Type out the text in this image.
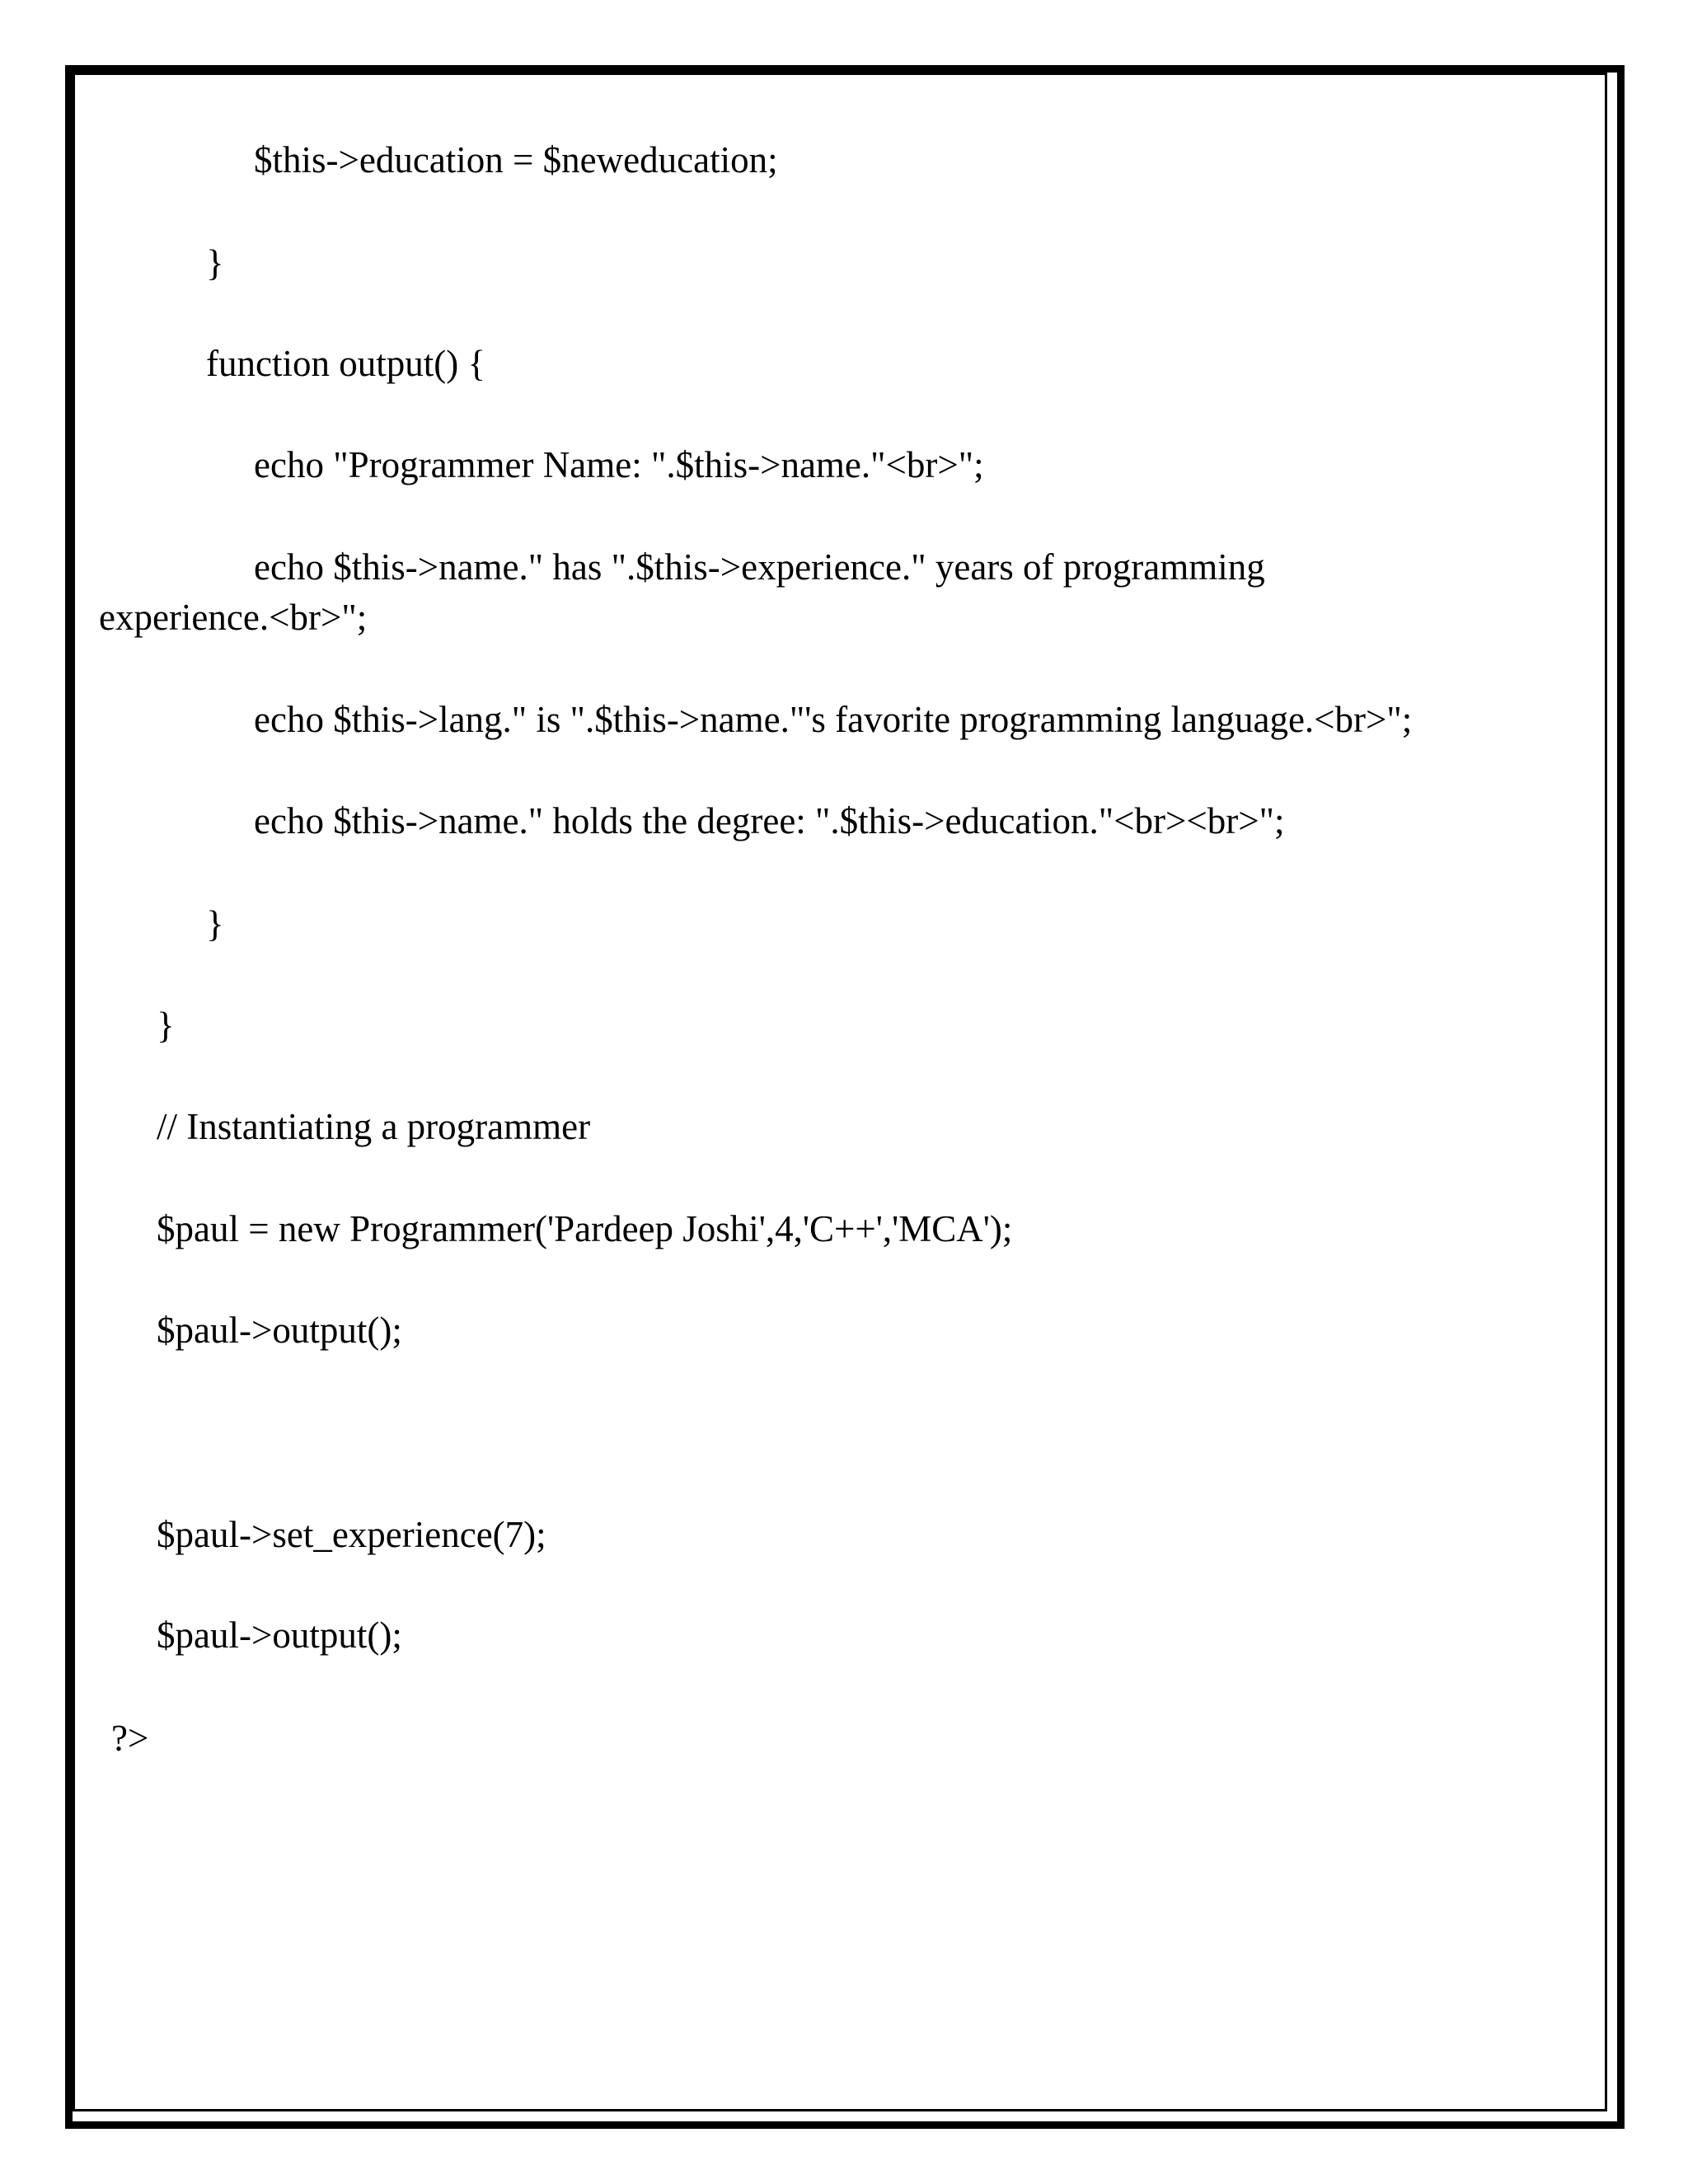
$this->education = $neweducation;
}
function output() {
echo "Programmer Name: ".$this->name."<br>";
echo $this->name." has ".$this->experience." years of programming
experience.<br>";
echo $this->lang." is ".$this->name."'s favorite programming language.<br>";
echo $this->name." holds the degree: ".$this->education."<br><br>";
}
}
// Instantiating a programmer
$paul = new Programmer('Pardeep Joshi',4,'C++','MCA');
$paul->output();
$paul->set_experience(7);
$paul->output();
?>
